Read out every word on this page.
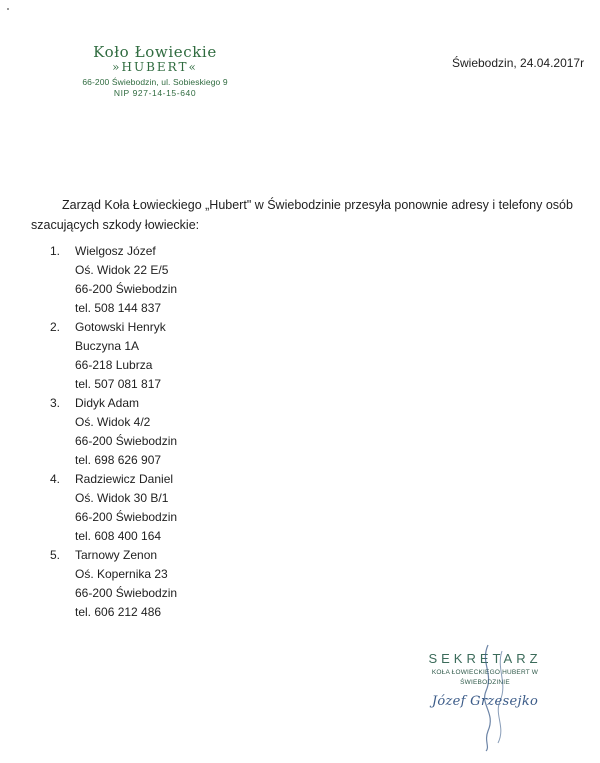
Koło Łowieckie
»HUBERT«
66-200 Świebodzin, ul. Sobieskiego 9
NIP 927-14-15-640
Świebodzin, 24.04.2017r
Zarząd Koła Łowieckiego „Hubert" w Świebodzinie przesyła ponownie adresy i telefony osób szacujących szkody łowieckie:
1.	Wielgosz Józef
Oś. Widok 22 E/5
66-200 Świebodzin
tel. 508 144 837
2.	Gotowski Henryk
Buczyna 1A
66-218 Lubrza
tel. 507 081 817
3.	Didyk Adam
Oś. Widok 4/2
66-200 Świebodzin
tel. 698 626 907
4.	Radziewicz Daniel
Oś. Widok 30 B/1
66-200 Świebodzin
tel. 608 400 164
5.	Tarnowy Zenon
Oś. Kopernika 23
66-200 Świebodzin
tel. 606 212 486
SEKRETARZ
KOŁA ŁOWIECKIEGO HUBERT W ŚWIEBODZINIE
Józef Grzesejko
